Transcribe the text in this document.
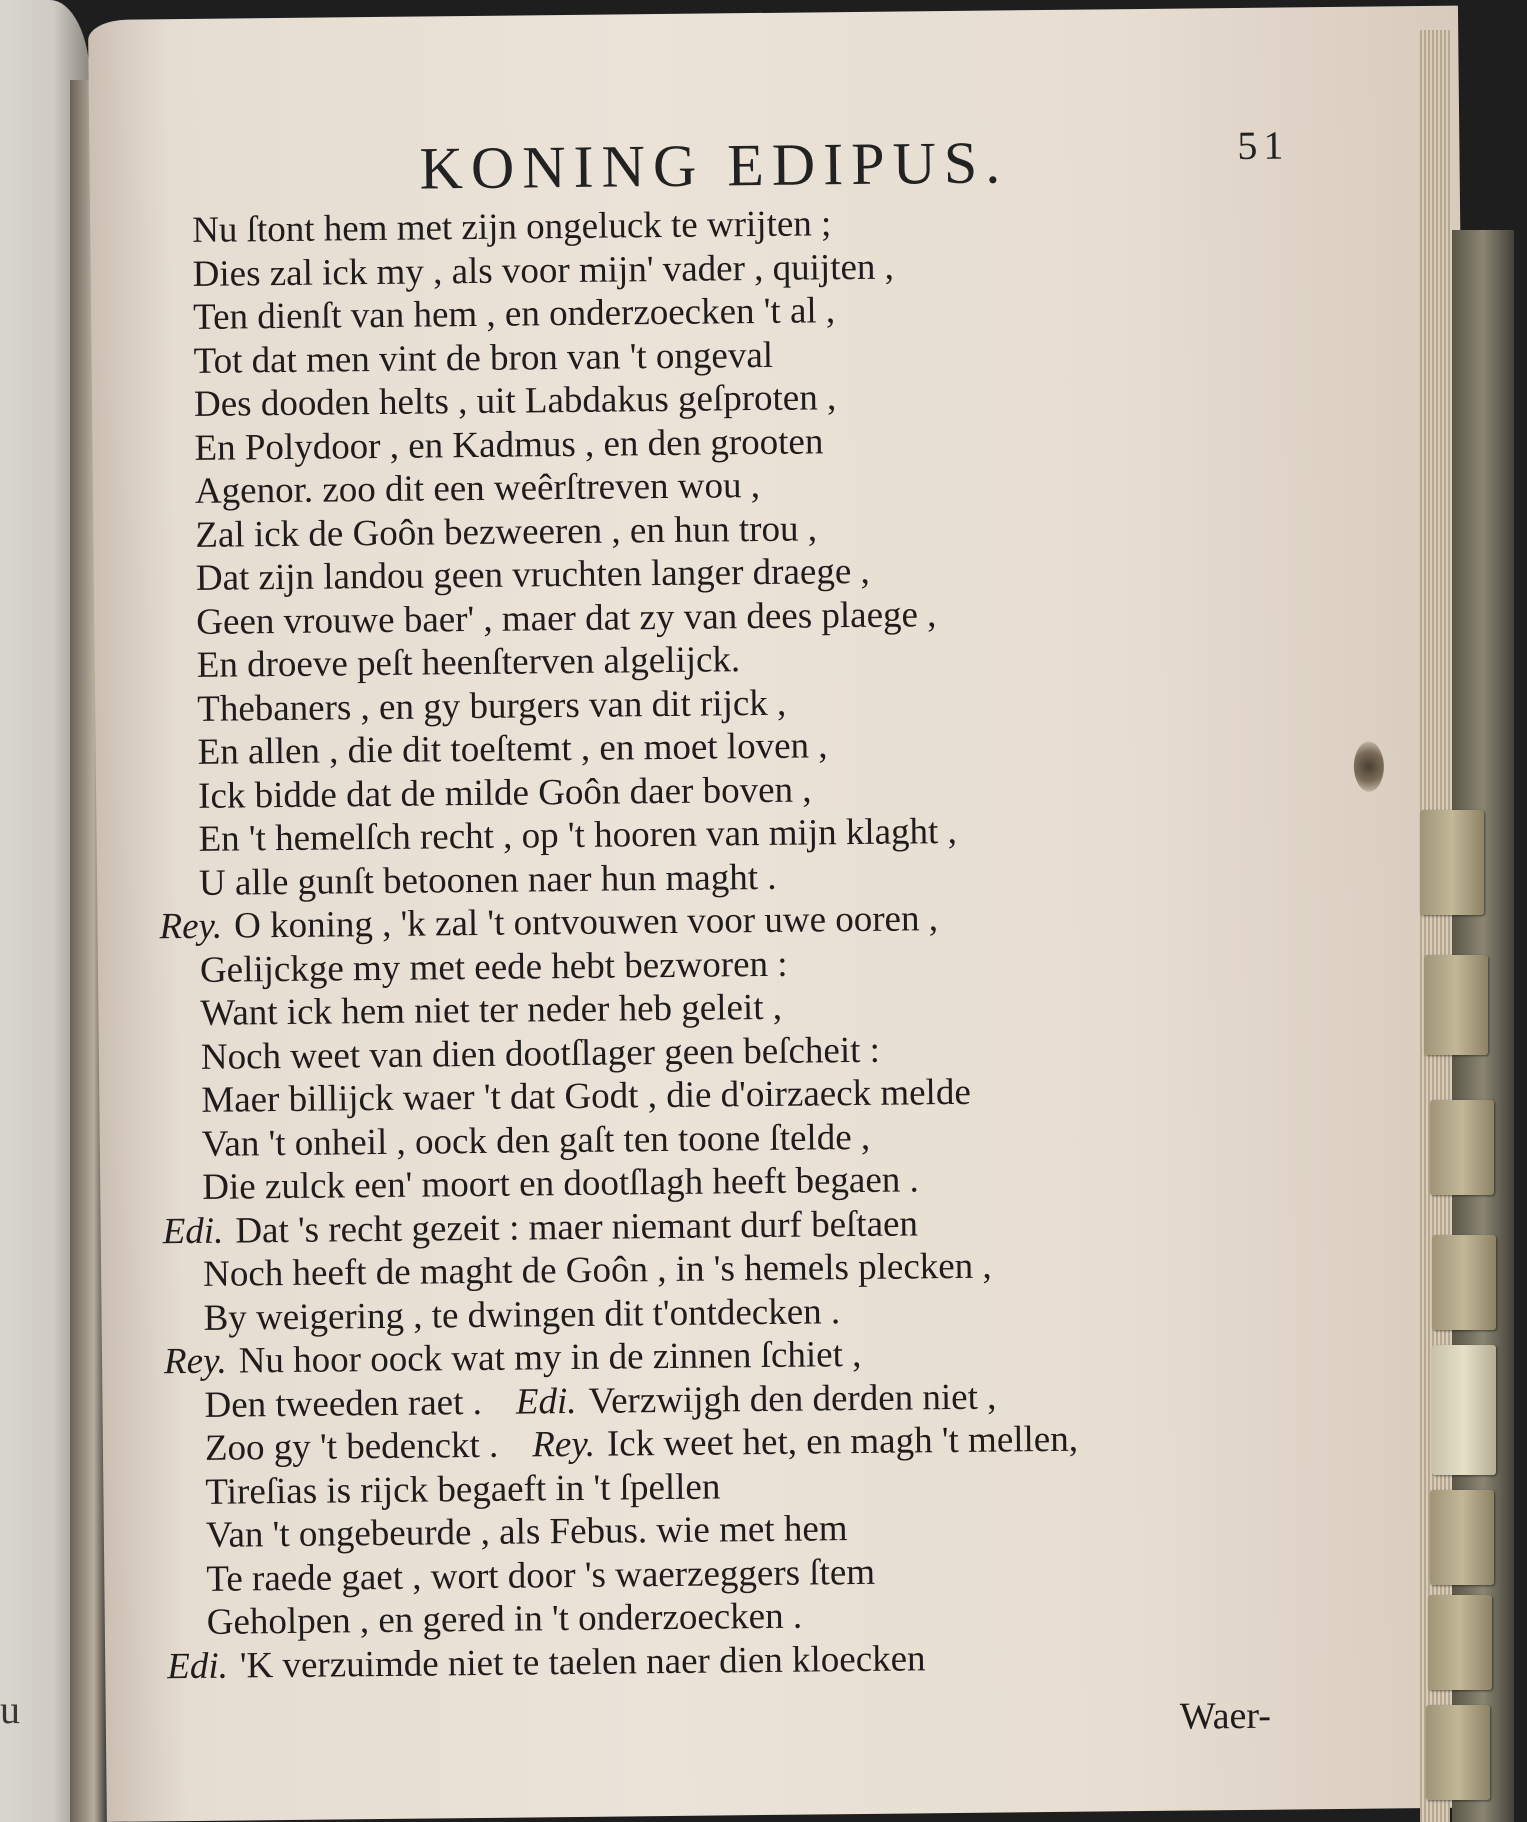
u
KONING EDIPUS.	51
Nu ſtont hem met zijn ongeluck te wrijten ;
Dies zal ick my , als voor mijn' vader , quijten ,
Ten dienſt van hem , en onderzoecken 't al ,
Tot dat men vint de bron van 't ongeval
Des dooden helts , uit Labdakus geſproten ,
En Polydoor , en Kadmus , en den grooten
Agenor. zoo dit een weêrſtreven wou ,
Zal ick de Goôn bezweeren , en hun trou ,
Dat zijn landou geen vruchten langer draege ,
Geen vrouwe baer' , maer dat zy van dees plaege ,
En droeve peſt heenſterven algelijck.
Thebaners , en gy burgers van dit rijck ,
En allen , die dit toeſtemt , en moet loven ,
Ick bidde dat de milde Goôn daer boven ,
En 't hemelſch recht , op 't hooren van mijn klaght ,
U alle gunſt betoonen naer hun maght .
Rey. O koning , 'k zal 't ontvouwen voor uwe ooren ,
Gelijckge my met eede hebt bezworen :
Want ick hem niet ter neder heb geleit ,
Noch weet van dien dootſlager geen beſcheit :
Maer billijck waer 't dat Godt , die d'oirzaeck melde
Van 't onheil , oock den gaſt ten toone ſtelde ,
Die zulck een' moort en dootſlagh heeft begaen .
Edi. Dat 's recht gezeit : maer niemant durf beſtaen
Noch heeft de maght de Goôn , in 's hemels plecken ,
By weigering , te dwingen dit t'ontdecken .
Rey. Nu hoor oock wat my in de zinnen ſchiet ,
Den tweeden raet . Edi. Verzwijgh den derden niet ,
Zoo gy 't bedenckt . Rey. Ick weet het, en magh 't mellen,
Tireſias is rijck begaeft in 't ſpellen
Van 't ongebeurde , als Febus. wie met hem
Te raede gaet , wort door 's waerzeggers ſtem
Geholpen , en gered in 't onderzoecken .
Edi. 'K verzuimde niet te taelen naer dien kloecken
Waer-
